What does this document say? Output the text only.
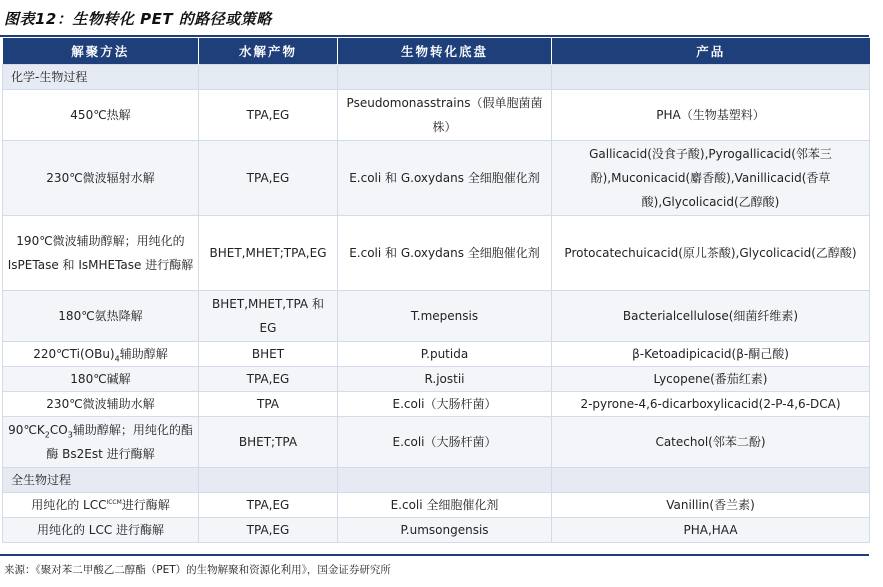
图表12：生物转化 PET 的路径或策略
解聚方法	水解产物	生物转化底盘	产品
化学-生物过程			
450℃热解	TPA,EG	Pseudomonasstrains（假单胞菌菌株）	PHA（生物基塑料）
230℃微波辐射水解	TPA,EG	E.coli 和 G.oxydans 全细胞催化剂	Gallicacid(没食子酸),Pyrogallicacid(邻苯三酚),Muconicacid(麝香酸),Vanillicacid(香草酸),Glycolicacid(乙醇酸)
190℃微波辅助醇解；用纯化的 IsPETase 和 IsMHETase 进行酶解	BHET,MHET;TPA,EG	E.coli 和 G.oxydans 全细胞催化剂	Protocatechuicacid(原儿茶酸),Glycolicacid(乙醇酸)
180℃氨热降解	BHET,MHET,TPA 和 EG	T.mepensis	Bacterialcellulose(细菌纤维素)
$220℃Ti(OBu)_4$辅助醇解	BHET	P.putida	β-Ketoadipicacid(β-酮己酸)
180℃碱解	TPA,EG	R.jostii	Lycopene(番茄红素)
230℃微波辅助水解	TPA	E.coli（大肠杆菌）	2-pyrone-4,6-dicarboxylicacid(2-P-4,6-DCA)
$90℃K_2CO_3$辅助醇解；用纯化的酯酶 Bs2Est 进行酶解	BHET;TPA	E.coli（大肠杆菌）	Catechol(邻苯二酚)
全生物过程			
用纯化的 $LCC^{ICCM}$进行酶解	TPA,EG	E.coli 全细胞催化剂	Vanillin(香兰素)
用纯化的 LCC 进行酶解	TPA,EG	P.umsongensis	PHA,HAA
来源：《聚对苯二甲酸乙二醇酯（PET）的生物解聚和资源化利用》，国金证券研究所
